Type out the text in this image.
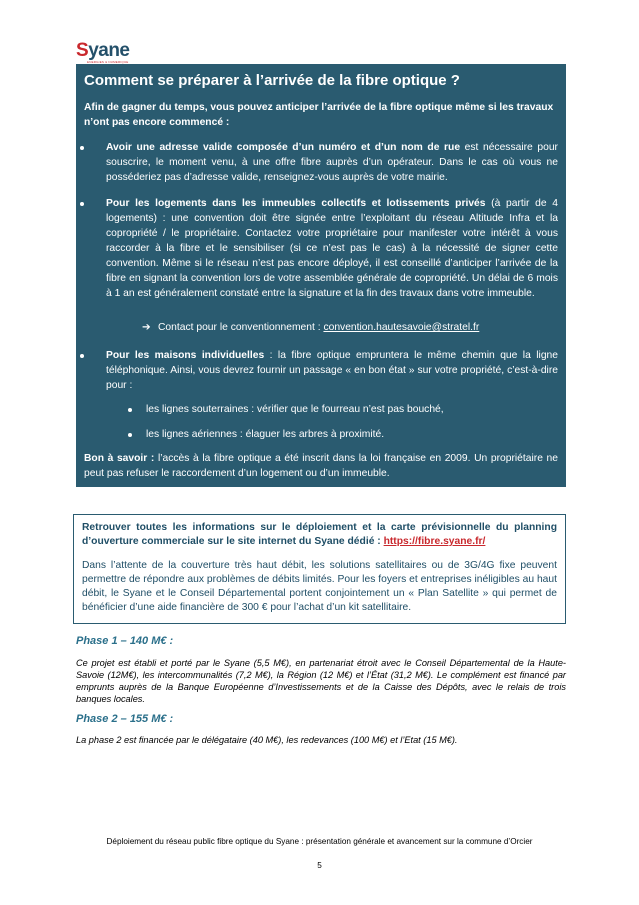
Syane
ENERGIES & NUMERIQUE
Comment se préparer à l’arrivée de la fibre optique ?

Afin de gagner du temps, vous pouvez anticiper l’arrivée de la fibre optique même si les travaux n’ont pas encore commencé :

Avoir une adresse valide composée d’un numéro et d’un nom de rue est nécessaire pour souscrire, le moment venu, à une offre fibre auprès d’un opérateur. Dans le cas où vous ne posséderiez pas d’adresse valide, renseignez-vous auprès de votre mairie.

Pour les logements dans les immeubles collectifs et lotissements privés (à partir de 4 logements) : une convention doit être signée entre l’exploitant du réseau Altitude Infra et la copropriété / le propriétaire. Contactez votre propriétaire pour manifester votre intérêt à vous raccorder à la fibre et le sensibiliser (si ce n’est pas le cas) à la nécessité de signer cette convention. Même si le réseau n’est pas encore déployé, il est conseillé d’anticiper l’arrivée de la fibre en signant la convention lors de votre assemblée générale de copropriété. Un délai de 6 mois à 1 an est généralement constaté entre la signature et la fin des travaux dans votre immeuble.

➔ Contact pour le conventionnement : convention.hautesavoie@stratel.fr

Pour les maisons individuelles : la fibre optique empruntera le même chemin que la ligne téléphonique. Ainsi, vous devrez fournir un passage « en bon état » sur votre propriété, c’est-à-dire pour :

les lignes souterraines : vérifier que le fourreau n’est pas bouché,
les lignes aériennes : élaguer les arbres à proximité.

Bon à savoir : l’accès à la fibre optique a été inscrit dans la loi française en 2009. Un propriétaire ne peut pas refuser le raccordement d’un logement ou d’un immeuble.

Retrouver toutes les informations sur le déploiement et la carte prévisionnelle du planning d’ouverture commerciale sur le site internet du Syane dédié : https://fibre.syane.fr/

Dans l’attente de la couverture très haut débit, les solutions satellitaires ou de 3G/4G fixe peuvent permettre de répondre aux problèmes de débits limités. Pour les foyers et entreprises inéligibles au haut débit, le Syane et le Conseil Départemental portent conjointement un « Plan Satellite » qui permet de bénéficier d’une aide financière de 300 € pour l’achat d’un kit satellitaire.

Phase 1 – 140 M€ :

Ce projet est établi et porté par le Syane (5,5 M€), en partenariat étroit avec le Conseil Départemental de la Haute-Savoie (12M€), les intercommunalités (7,2 M€), la Région (12 M€) et l’État (31,2 M€). Le complément est financé par emprunts auprès de la Banque Européenne d’Investissements et de la Caisse des Dépôts, avec le relais de trois banques locales.

Phase 2 – 155 M€ :

La phase 2 est financée par le délégataire (40 M€), les redevances (100 M€) et l’Etat (15 M€).

Déploiement du réseau public fibre optique du Syane : présentation générale et avancement sur la commune d’Orcier

5
